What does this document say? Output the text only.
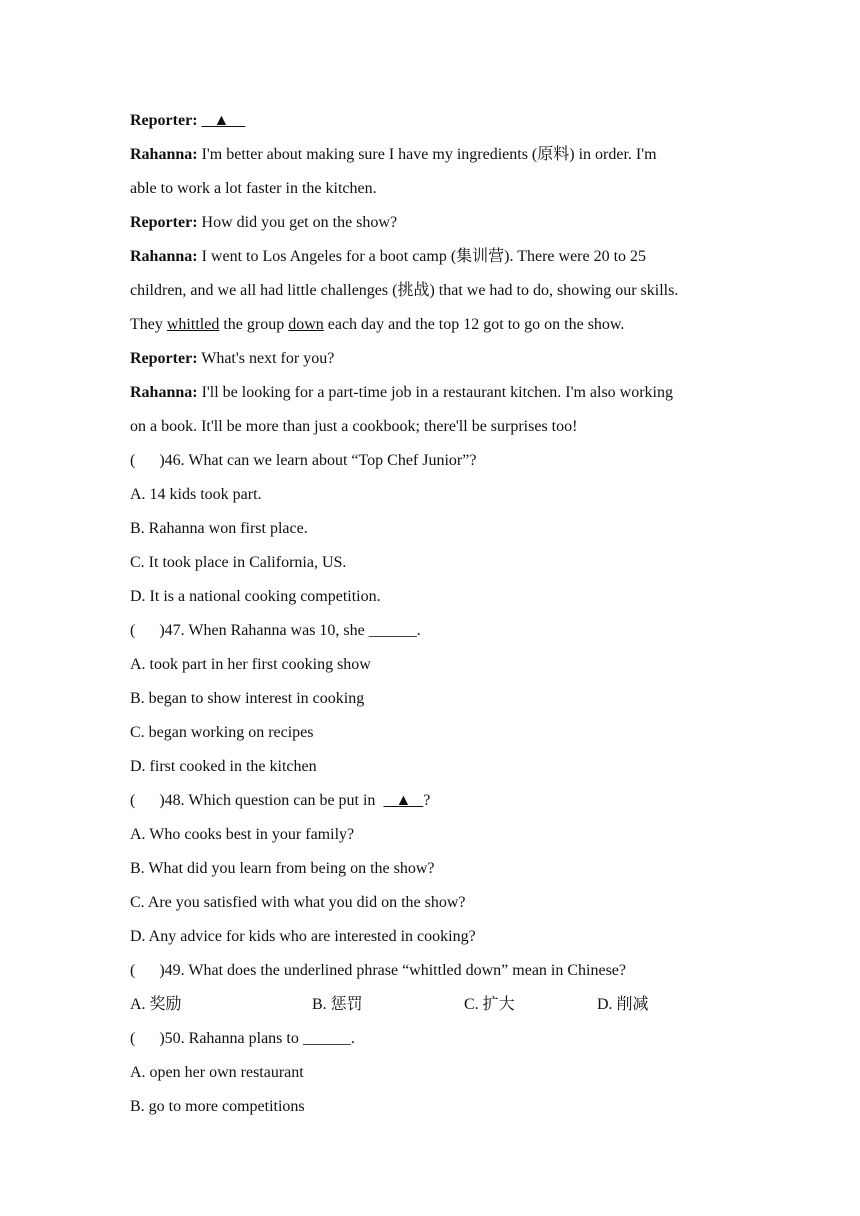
Reporter:    ▲
Rahanna: I'm better about making sure I have my ingredients (原料) in order. I'm
able to work a lot faster in the kitchen.
Reporter: How did you get on the show?
Rahanna: I went to Los Angeles for a boot camp (集训营). There were 20 to 25
children, and we all had little challenges (挑战) that we had to do, showing our skills.
They whittled the group down each day and the top 12 got to go on the show.
Reporter: What's next for you?
Rahanna: I'll be looking for a part-time job in a restaurant kitchen. I'm also working
on a book. It'll be more than just a cookbook; there'll be surprises too!
(      )46. What can we learn about “Top Chef Junior”?
A. 14 kids took part.
B. Rahanna won first place.
C. It took place in California, US.
D. It is a national cooking competition.
(      )47. When Rahanna was 10, she ______.
A. took part in her first cooking show
B. began to show interest in cooking
C. began working on recipes
D. first cooked in the kitchen
(      )48. Which question can be put in     ▲   ?
A. Who cooks best in your family?
B. What did you learn from being on the show?
C. Are you satisfied with what you did on the show?
D. Any advice for kids who are interested in cooking?
(      )49. What does the underlined phrase “whittled down” mean in Chinese?
A. 奖励	B. 惩罚	C. 扩大	D. 削减
(      )50. Rahanna plans to ______.
A. open her own restaurant
B. go to more competitions
